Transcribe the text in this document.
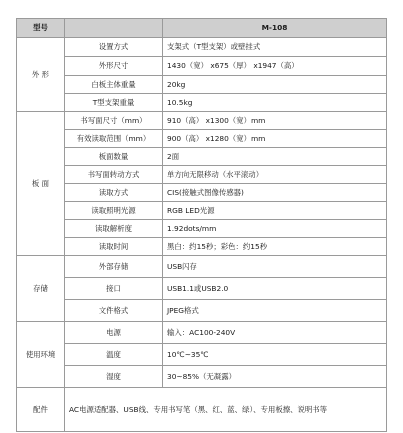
型号		M-108
外 形	设置方式	支架式（T型支架）或壁挂式
	外形尺寸	1430（宽） x675（厚） x1947（高）
	白板主体重量	20kg
	T型支架重量	10.5kg
板 面	书写面尺寸（mm）	910（高） x1300（宽）mm
	有效读取范围（mm）	900（高） x1280（宽）mm
	板面数量	2面
	书写面转动方式	单方向无限移动（水平滚动）
	读取方式	CIS(接触式图像传感器)
	读取照明光源	RGB LED光源
	读取解析度	1.92dots/mm
	读取时间	黑白：约15秒；彩色：约15秒
存储	外部存储	USB闪存
	接口	USB1.1或USB2.0
	文件格式	JPEG格式
使用环境	电源	输入：AC100-240V
	温度	10℃~35℃
	湿度	30~85%（无凝露）
配件	AC电源适配器、USB线、专用书写笔（黑、红、蓝、绿）、专用板擦、说明书等	
